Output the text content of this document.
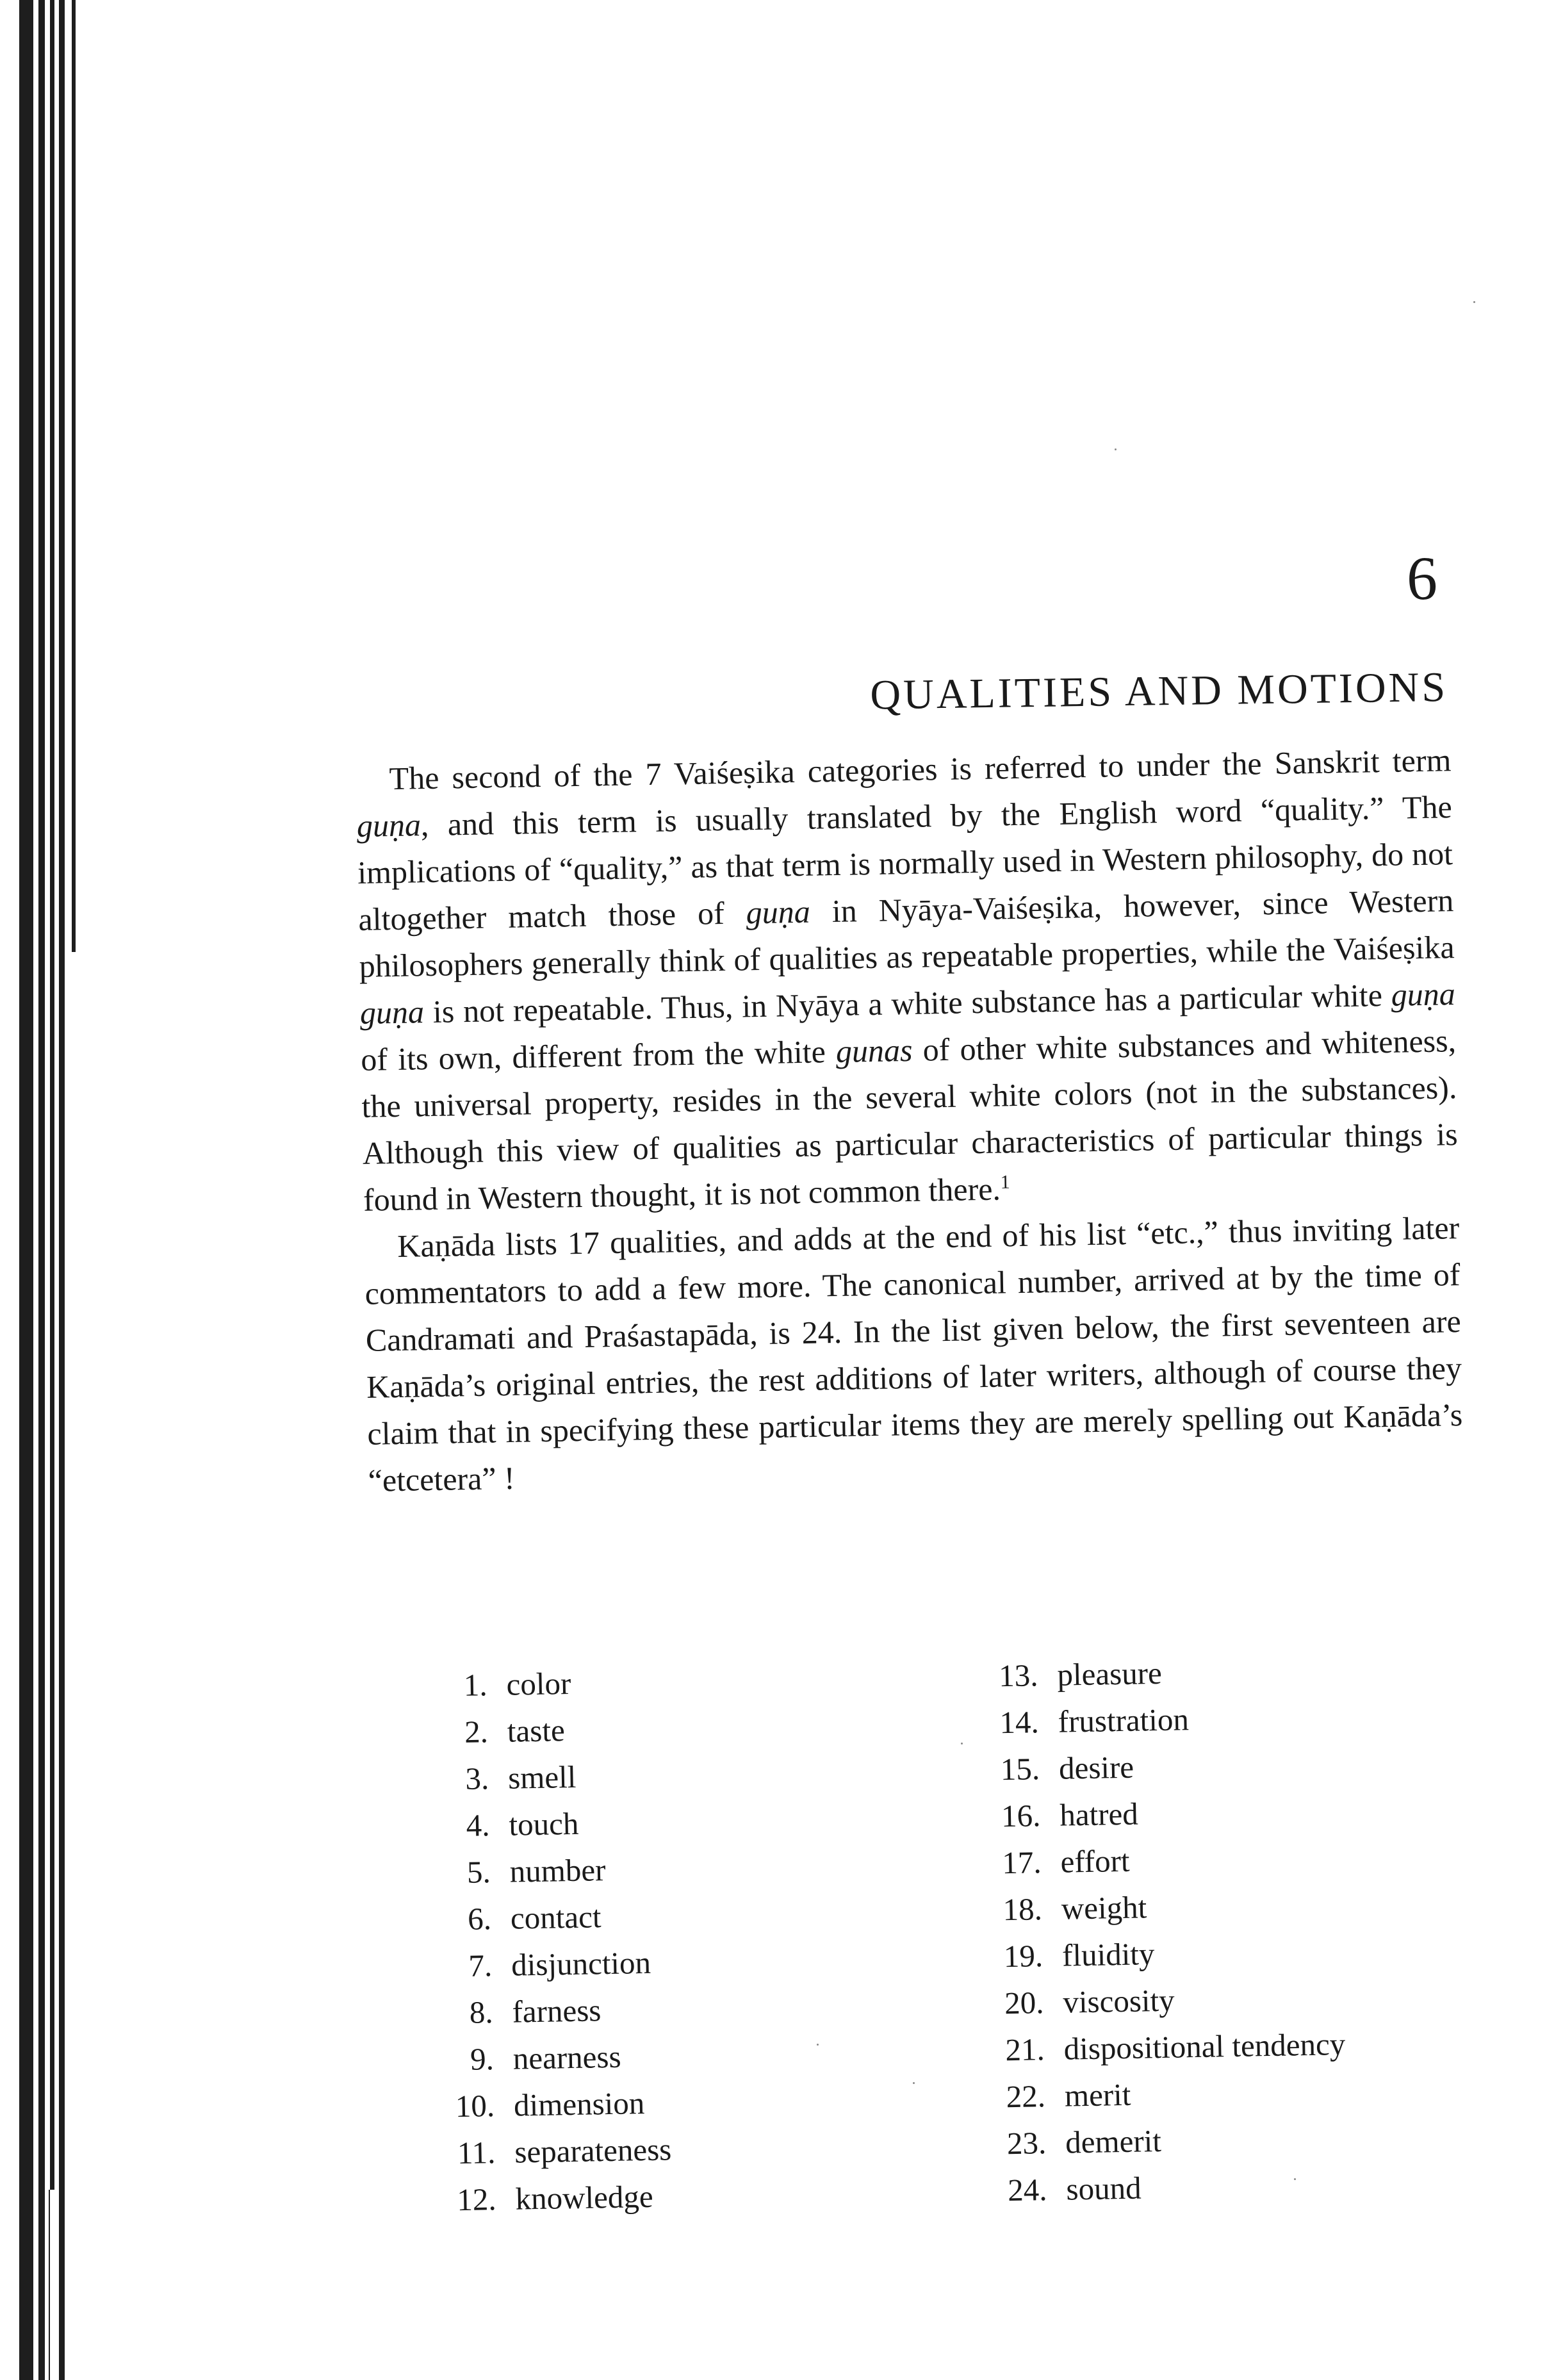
6
QUALITIES AND MOTIONS

The second of the 7 Vaiśeṣika categories is referred to under the Sanskrit term guṇa, and this term is usually translated by the English word “quality.” The implications of “quality,” as that term is normally used in Western philosophy, do not altogether match those of guṇa in Nyāya-Vaiśeṣika, however, since Western philosophers generally think of qualities as repeatable properties, while the Vaiśeṣika guṇa is not repeatable. Thus, in Nyāya a white substance has a particular white guṇa of its own, different from the white gunas of other white substances and whiteness, the universal property, resides in the several white colors (not in the substances). Although this view of qualities as particular characteristics of particular things is found in Western thought, it is not common there.$^1$

Kaṇāda lists 17 qualities, and adds at the end of his list “etc.,” thus inviting later commentators to add a few more. The canonical number, arrived at by the time of Candramati and Praśastapāda, is 24. In the list given below, the first seventeen are Kaṇāda’s original entries, the rest additions of later writers, although of course they claim that in specifying these particular items they are merely spelling out Kaṇāda’s “etcetera” !

1. color
2. taste
3. smell
4. touch
5. number
6. contact
7. disjunction
8. farness
9. nearness
10. dimension
11. separateness
12. knowledge
13. pleasure
14. frustration
15. desire
16. hatred
17. effort
18. weight
19. fluidity
20. viscosity
21. dispositional tendency
22. merit
23. demerit
24. sound
